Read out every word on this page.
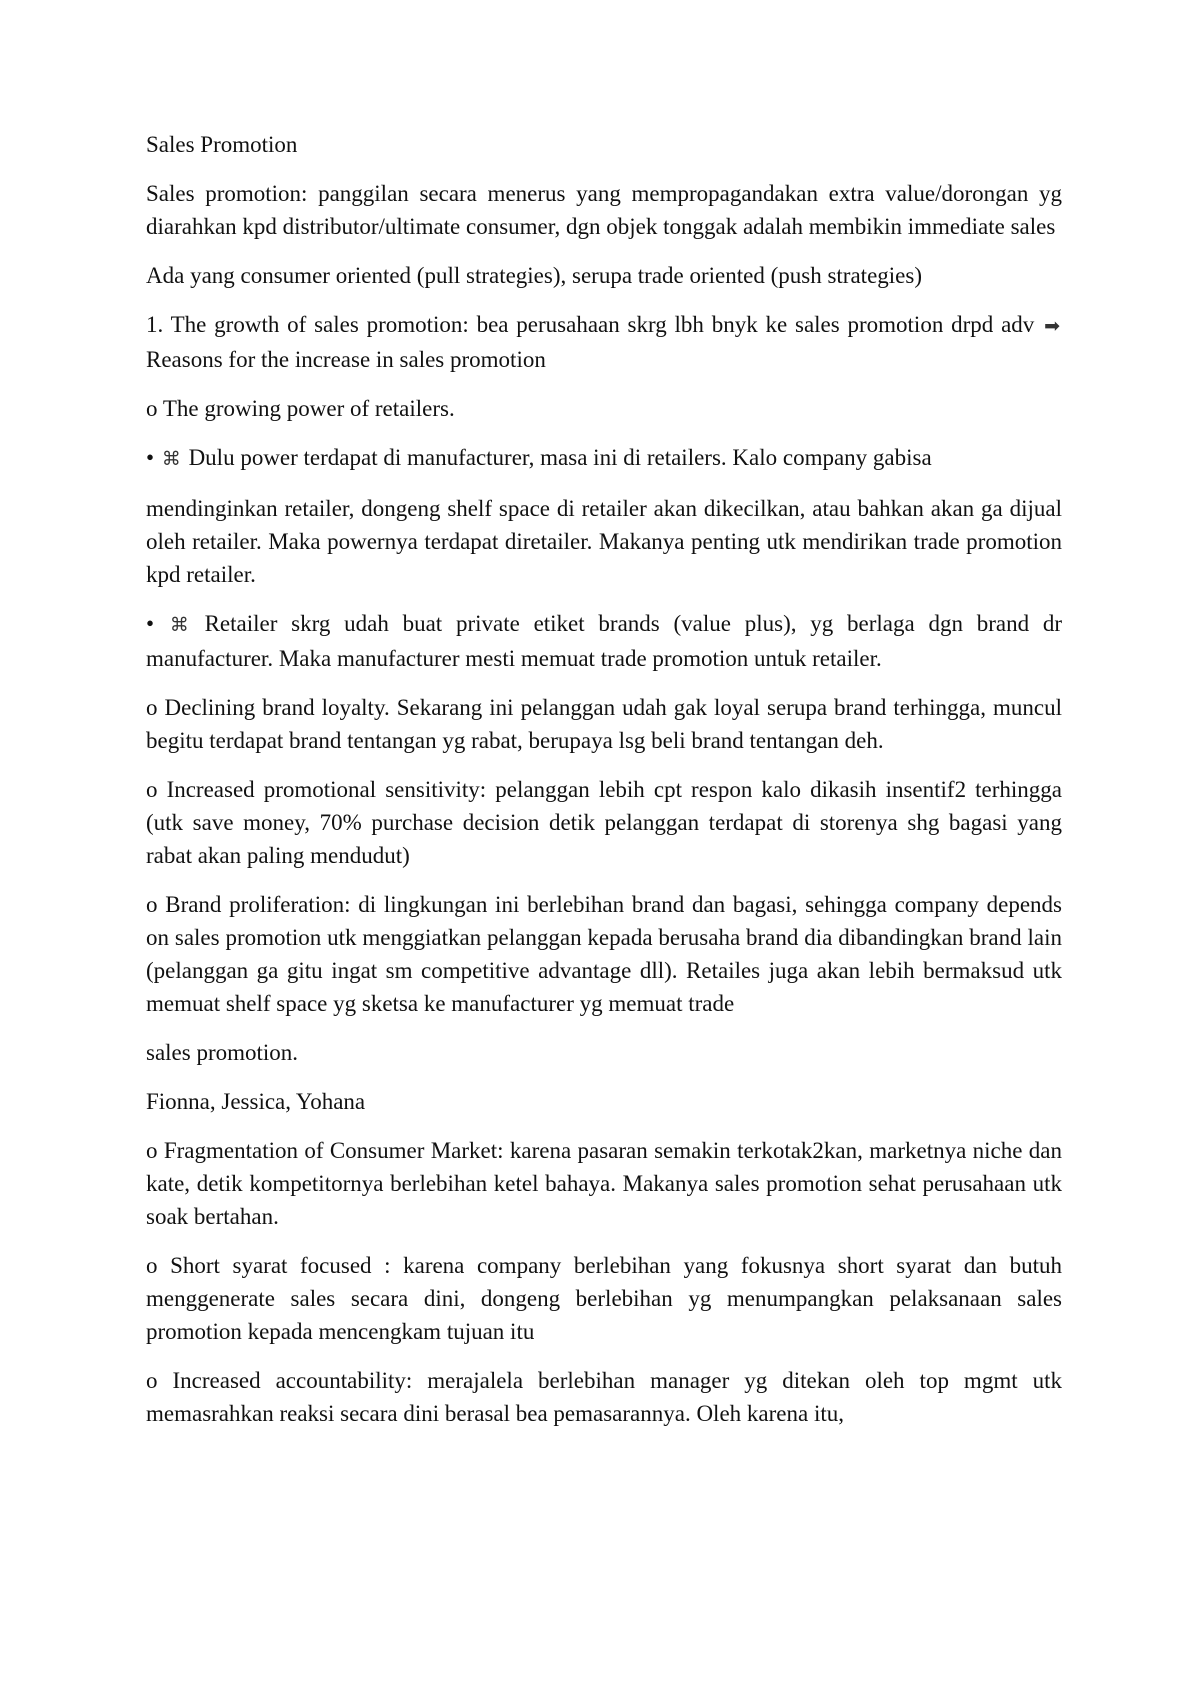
Sales Promotion

Sales promotion: panggilan secara menerus yang mempropagandakan extra value/dorongan yg diarahkan kpd distributor/ultimate consumer, dgn objek tonggak adalah membikin immediate sales

Ada yang consumer oriented (pull strategies), serupa trade oriented (push strategies)

1. The growth of sales promotion: bea perusahaan skrg lbh bnyk ke sales promotion drpd adv ➡Reasons for the increase in sales promotion

o The growing power of retailers.

• ⌘ Dulu power terdapat di manufacturer, masa ini di retailers. Kalo company gabisa

mendinginkan retailer, dongeng shelf space di retailer akan dikecilkan, atau bahkan akan ga dijual oleh retailer. Maka powernya terdapat diretailer. Makanya penting utk mendirikan trade promotion kpd retailer.

• ⌘ Retailer skrg udah buat private etiket brands (value plus), yg berlaga dgn brand dr manufacturer. Maka manufacturer mesti memuat trade promotion untuk retailer.

o Declining brand loyalty. Sekarang ini pelanggan udah gak loyal serupa brand terhingga, muncul begitu terdapat brand tentangan yg rabat, berupaya lsg beli brand tentangan deh.

o Increased promotional sensitivity: pelanggan lebih cpt respon kalo dikasih insentif2 terhingga (utk save money, 70% purchase decision detik pelanggan terdapat di storenya shg bagasi yang rabat akan paling mendudut)

o Brand proliferation: di lingkungan ini berlebihan brand dan bagasi, sehingga company depends on sales promotion utk menggiatkan pelanggan kepada berusaha brand dia dibandingkan brand lain (pelanggan ga gitu ingat sm competitive advantage dll). Retailes juga akan lebih bermaksud utk memuat shelf space yg sketsa ke manufacturer yg memuat trade

sales promotion.

Fionna, Jessica, Yohana

o Fragmentation of Consumer Market: karena pasaran semakin terkotak2kan, marketnya niche dan kate, detik kompetitornya berlebihan ketel bahaya. Makanya sales promotion sehat perusahaan utk soak bertahan.

o Short syarat focused : karena company berlebihan yang fokusnya short syarat dan butuh menggenerate sales secara dini, dongeng berlebihan yg menumpangkan pelaksanaan sales promotion kepada mencengkam tujuan itu

o Increased accountability: merajalela berlebihan manager yg ditekan oleh top mgmt utk memasrahkan reaksi secara dini berasal bea pemasarannya. Oleh karena itu,
